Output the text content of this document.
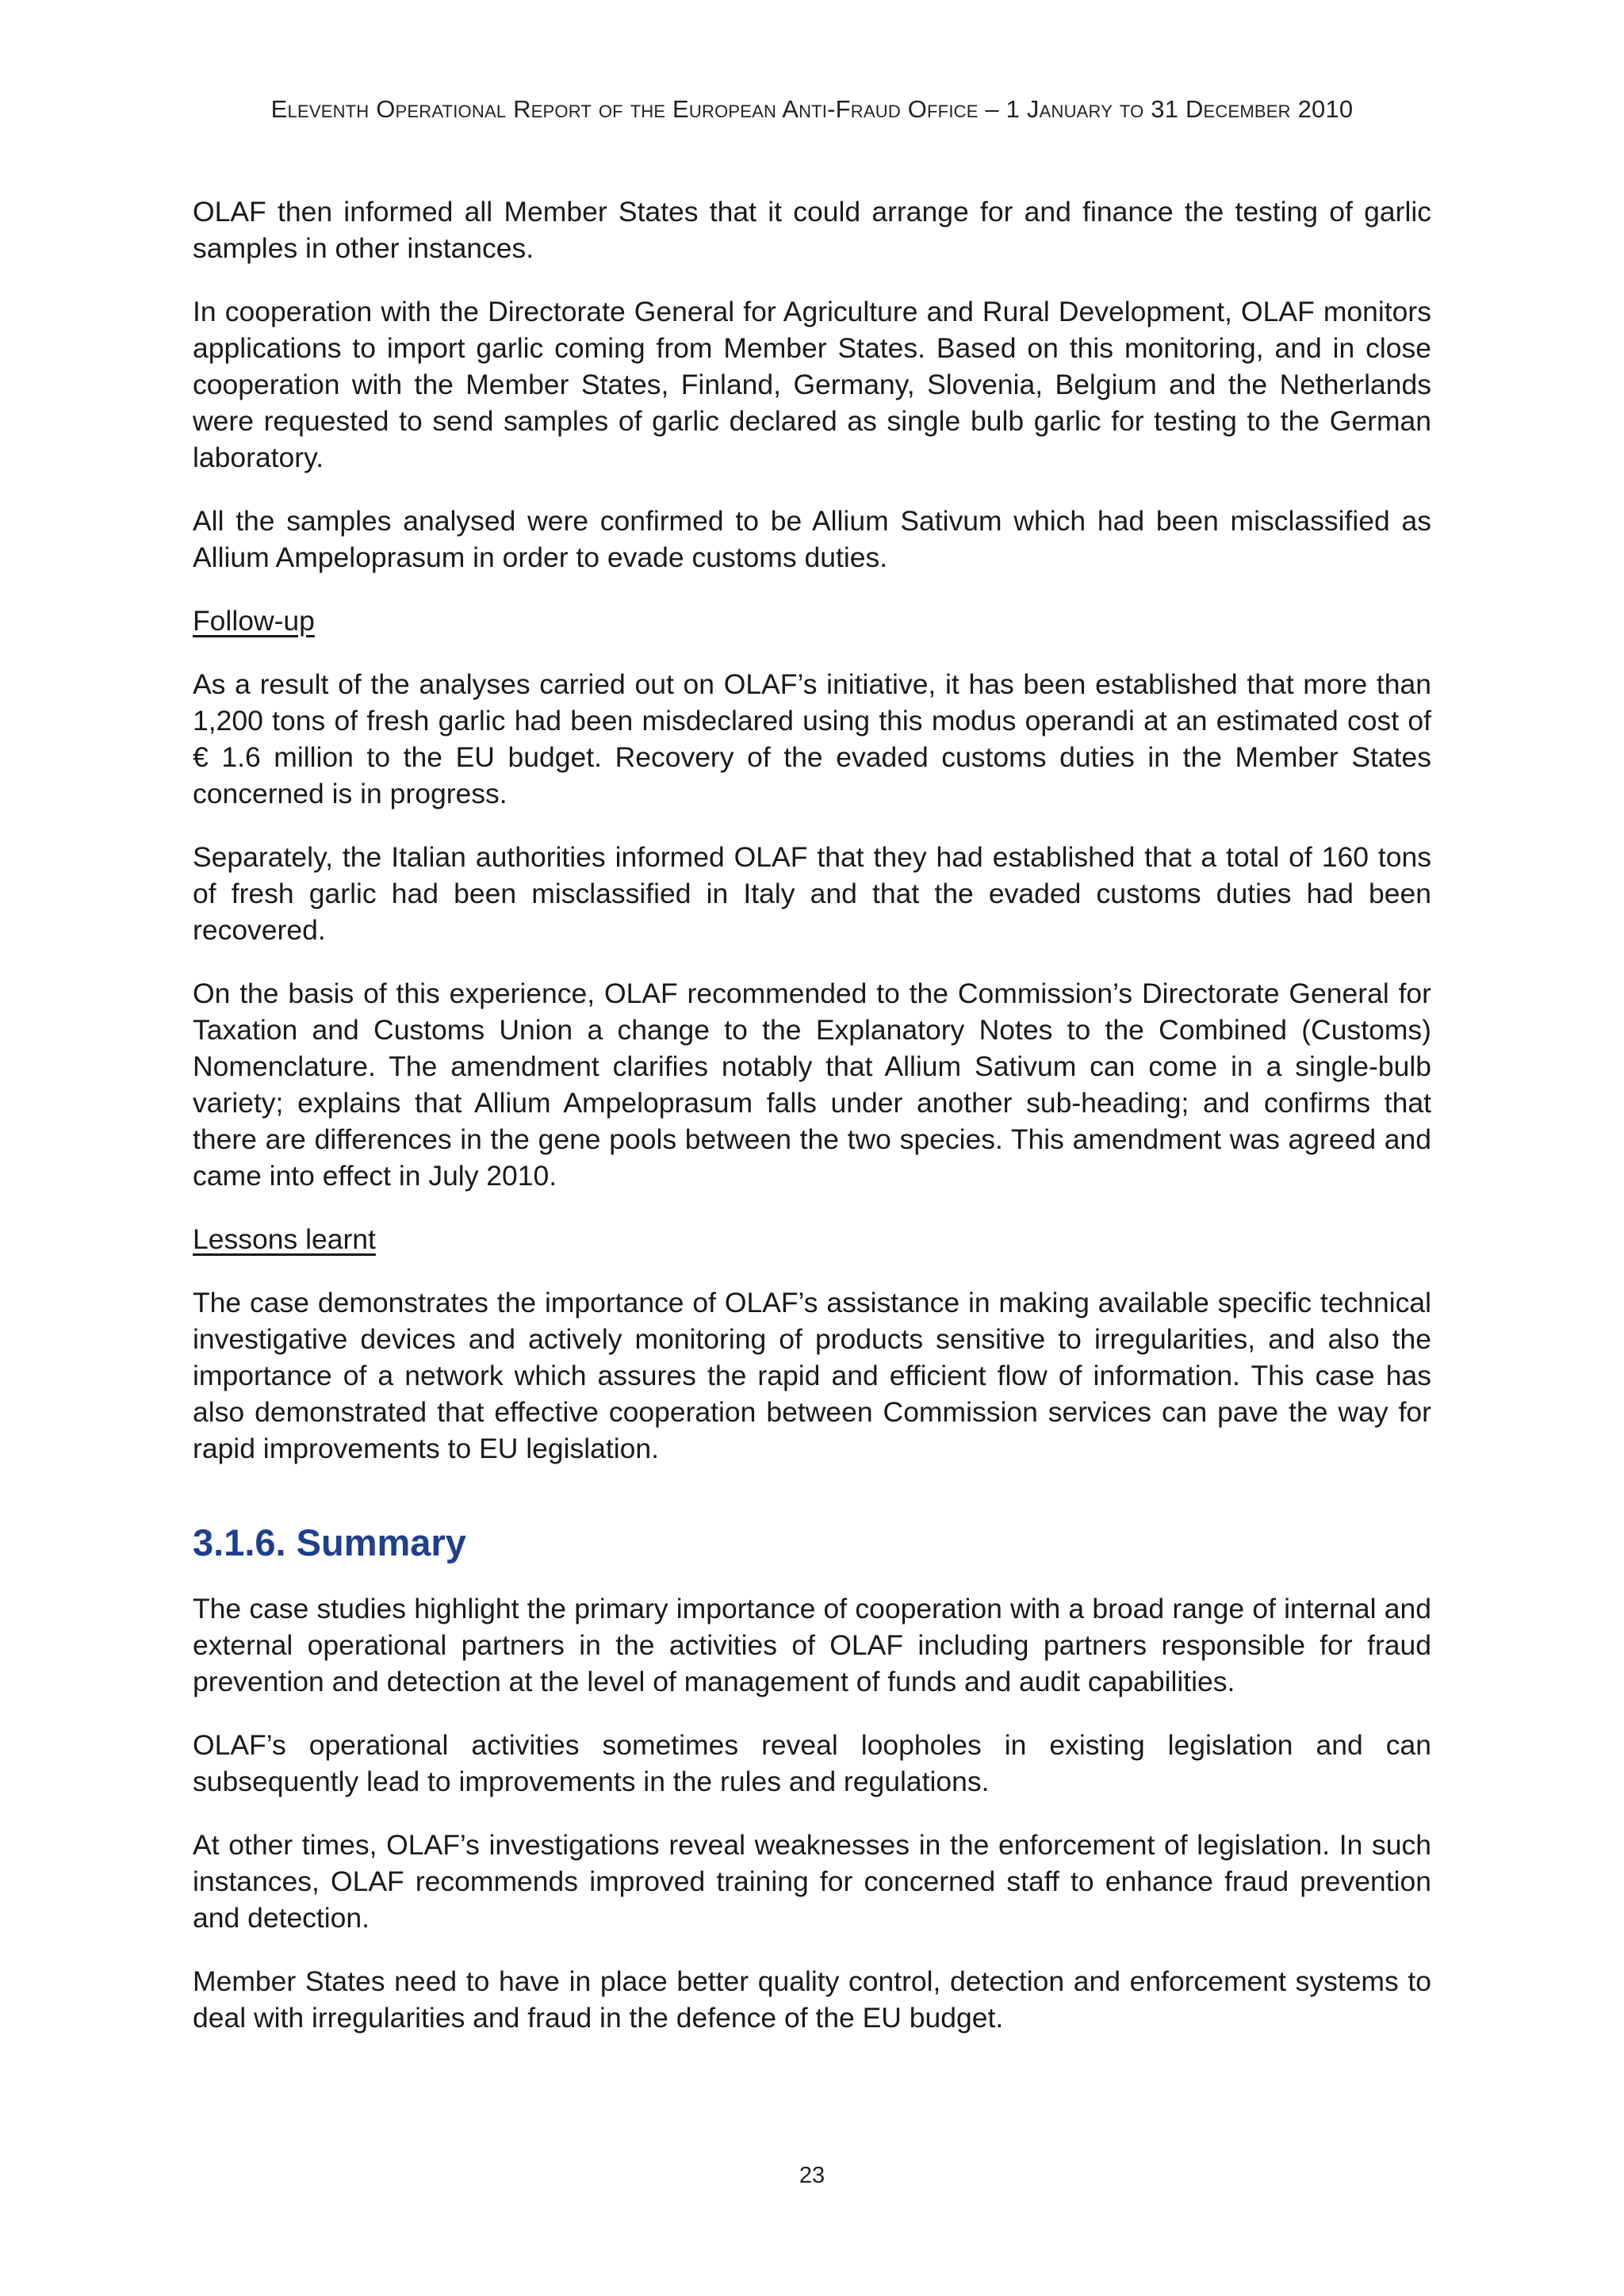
Eleventh Operational Report of the European Anti-Fraud Office – 1 January to 31 December 2010

OLAF then informed all Member States that it could arrange for and finance the testing of garlic samples in other instances.

In cooperation with the Directorate General for Agriculture and Rural Development, OLAF monitors applications to import garlic coming from Member States. Based on this monitoring, and in close cooperation with the Member States, Finland, Germany, Slovenia, Belgium and the Netherlands were requested to send samples of garlic declared as single bulb garlic for testing to the German laboratory.

All the samples analysed were confirmed to be Allium Sativum which had been misclassified as Allium Ampeloprasum in order to evade customs duties.

Follow-up

As a result of the analyses carried out on OLAF’s initiative, it has been established that more than 1,200 tons of fresh garlic had been misdeclared using this modus operandi at an estimated cost of € 1.6 million to the EU budget. Recovery of the evaded customs duties in the Member States concerned is in progress.

Separately, the Italian authorities informed OLAF that they had established that a total of 160 tons of fresh garlic had been misclassified in Italy and that the evaded customs duties had been recovered.

On the basis of this experience, OLAF recommended to the Commission’s Directorate General for Taxation and Customs Union a change to the Explanatory Notes to the Combined (Customs) Nomenclature. The amendment clarifies notably that Allium Sativum can come in a single-bulb variety; explains that Allium Ampeloprasum falls under another sub-heading; and confirms that there are differences in the gene pools between the two species. This amendment was agreed and came into effect in July 2010.

Lessons learnt

The case demonstrates the importance of OLAF’s assistance in making available specific technical investigative devices and actively monitoring of products sensitive to irregularities, and also the importance of a network which assures the rapid and efficient flow of information. This case has also demonstrated that effective cooperation between Commission services can pave the way for rapid improvements to EU legislation.

3.1.6. Summary

The case studies highlight the primary importance of cooperation with a broad range of internal and external operational partners in the activities of OLAF including partners responsible for fraud prevention and detection at the level of management of funds and audit capabilities.

OLAF’s operational activities sometimes reveal loopholes in existing legislation and can subsequently lead to improvements in the rules and regulations.

At other times, OLAF’s investigations reveal weaknesses in the enforcement of legislation. In such instances, OLAF recommends improved training for concerned staff to enhance fraud prevention and detection.

Member States need to have in place better quality control, detection and enforcement systems to deal with irregularities and fraud in the defence of the EU budget.

23
